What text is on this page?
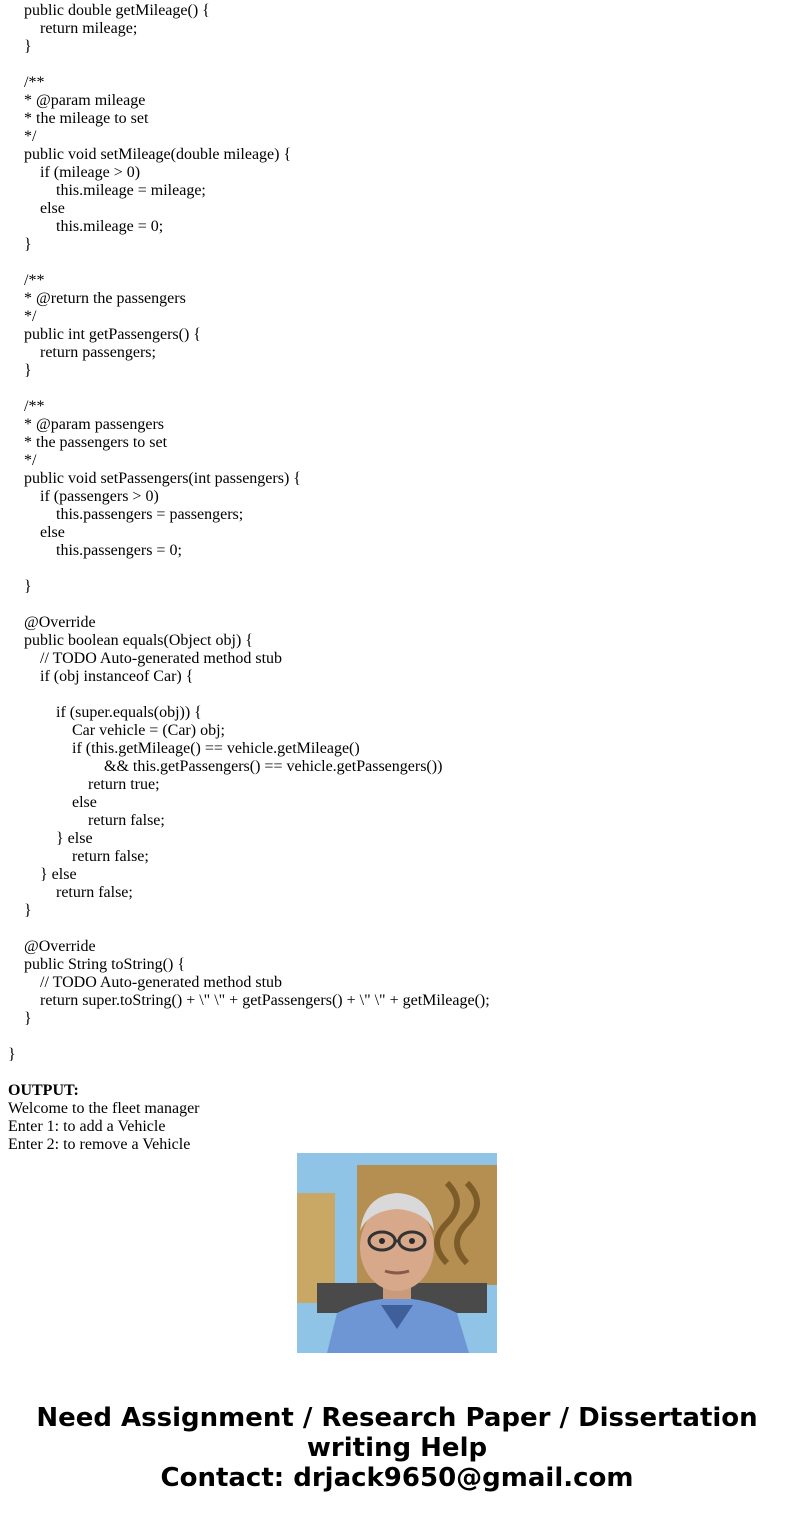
public double getMileage() {
return mileage;
}
/**
* @param mileage
* the mileage to set
*/
public void setMileage(double mileage) {
if (mileage > 0)
this.mileage = mileage;
else
this.mileage = 0;
}
/**
* @return the passengers
*/
public int getPassengers() {
return passengers;
}
/**
* @param passengers
* the passengers to set
*/
public void setPassengers(int passengers) {
if (passengers > 0)
this.passengers = passengers;
else
this.passengers = 0;
}
@Override
public boolean equals(Object obj) {
// TODO Auto-generated method stub
if (obj instanceof Car) {
if (super.equals(obj)) {
Car vehicle = (Car) obj;
if (this.getMileage() == vehicle.getMileage()
&& this.getPassengers() == vehicle.getPassengers())
return true;
else
return false;
} else
return false;
} else
return false;
}
@Override
public String toString() {
// TODO Auto-generated method stub
return super.toString() + \" \" + getPassengers() + \" \" + getMileage();
}
}
OUTPUT:
Welcome to the fleet manager
Enter 1: to add a Vehicle
Enter 2: to remove a Vehicle
Need Assignment / Research Paper / Dissertation
writing Help
Contact: drjack9650@gmail.com
